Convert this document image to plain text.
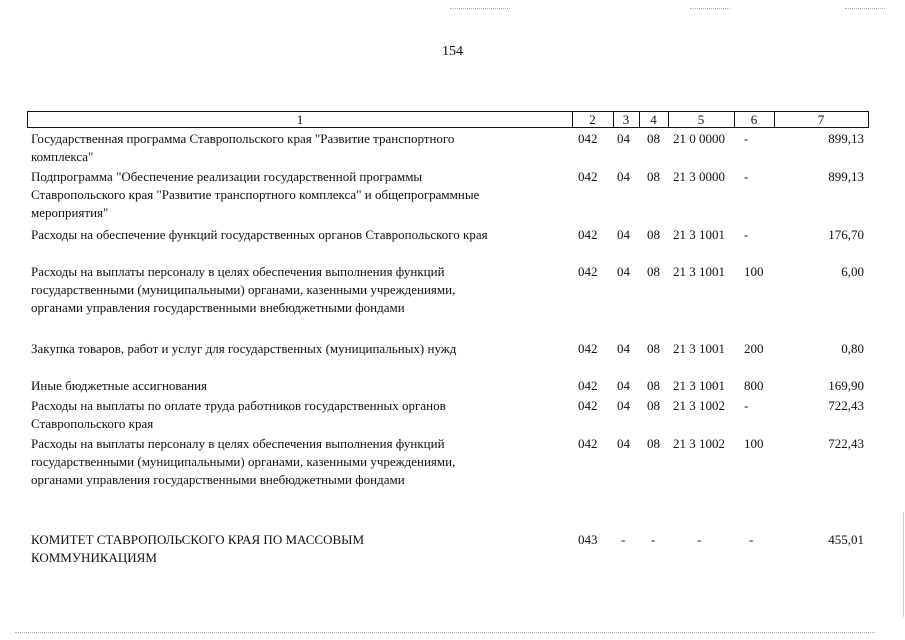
154
1	2	3	4	5	6	7
Государственная программа Ставропольского края "Развитие транспортного
комплекса"
042 04 08 21 0 0000 -	899,13
Подпрограмма "Обеспечение реализации государственной программы
Ставропольского края "Развитие транспортного комплекса" и общепрограммные
мероприятия"
042 04 08 21 3 0000 -	899,13
Расходы на обеспечение функций государственных органов Ставропольского края	042 04 08 21 3 1001 -	176,70
Расходы на выплаты персоналу в целях обеспечения выполнения функций
государственными (муниципальными) органами, казенными учреждениями,
органами управления государственными внебюджетными фондами
042 04 08 21 3 1001 100	6,00
Закупка товаров, работ и услуг для государственных (муниципальных) нужд	042 04 08 21 3 1001 200	0,80
Иные бюджетные ассигнования	042 04 08 21 3 1001 800	169,90
Расходы на выплаты по оплате труда работников государственных органов
Ставропольского края
042 04 08 21 3 1002 -	722,43
Расходы на выплаты персоналу в целях обеспечения выполнения функций
государственными (муниципальными) органами, казенными учреждениями,
органами управления государственными внебюджетными фондами
042 04 08 21 3 1002 100	722,43
КОМИТЕТ СТАВРОПОЛЬСКОГО КРАЯ ПО МАССОВЫМ
КОММУНИКАЦИЯМ
043 - -	-	-	455,01
